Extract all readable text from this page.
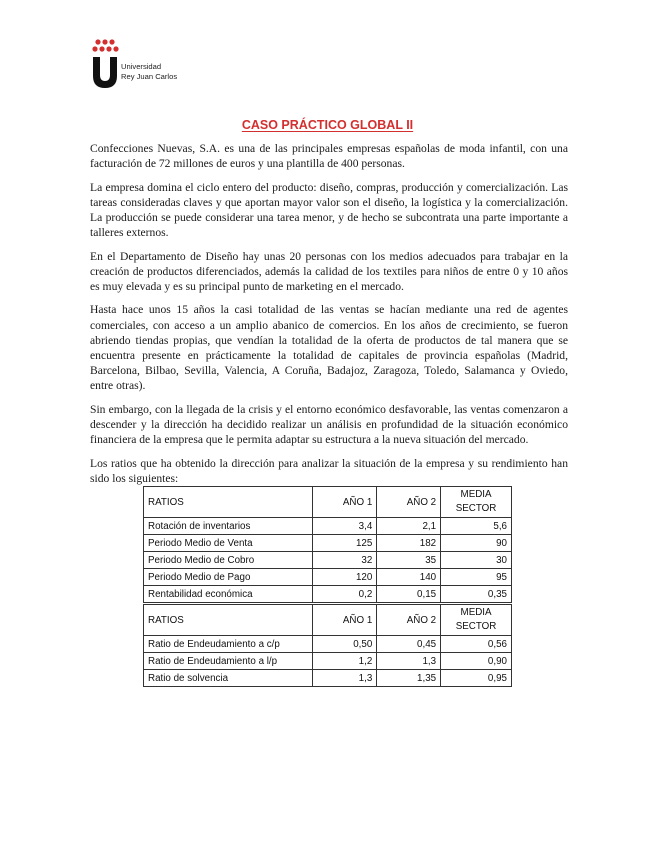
Universidad
Rey Juan Carlos
CASO PRÁCTICO GLOBAL II

Confecciones Nuevas, S.A. es una de las principales empresas españolas de moda infantil, con una facturación de 72 millones de euros y una plantilla de 400 personas.

La empresa domina el ciclo entero del producto: diseño, compras, producción y comercialización. Las tareas consideradas claves y que aportan mayor valor son el diseño, la logística y la comercialización. La producción se puede considerar una tarea menor, y de hecho se subcontrata una parte importante a talleres externos.

En el Departamento de Diseño hay unas 20 personas con los medios adecuados para trabajar en la creación de productos diferenciados, además la calidad de los textiles para niños de entre 0 y 10 años es muy elevada y es su principal punto de marketing en el mercado.

Hasta hace unos 15 años la casi totalidad de las ventas se hacían mediante una red de agentes comerciales, con acceso a un amplio abanico de comercios. En los años de crecimiento, se fueron abriendo tiendas propias, que vendían la totalidad de la oferta de productos de tal manera que se encuentra presente en prácticamente la totalidad de capitales de provincia españolas (Madrid, Barcelona, Bilbao, Sevilla, Valencia, A Coruña, Badajoz, Zaragoza, Toledo, Salamanca y Oviedo, entre otras).

Sin embargo, con la llegada de la crisis y el entorno económico desfavorable, las ventas comenzaron a descender y la dirección ha decidido realizar un análisis en profundidad de la situación económico financiera de la empresa que le permita adaptar su estructura a la nueva situación del mercado.

Los ratios que ha obtenido la dirección para analizar la situación de la empresa y su rendimiento han sido los siguientes:

RATIOS	AÑO 1	AÑO 2	MEDIA
SECTOR
Rotación de inventarios	3,4	2,1	5,6
Periodo Medio de Venta	125	182	90
Periodo Medio de Cobro	32	35	30
Periodo Medio de Pago	120	140	95
Rentabilidad económica	0,2	0,15	0,35
RATIOS	AÑO 1	AÑO 2	MEDIA
SECTOR
Ratio de Endeudamiento a c/p	0,50	0,45	0,56
Ratio de Endeudamiento a l/p	1,2	1,3	0,90
Ratio de solvencia	1,3	1,35	0,95
